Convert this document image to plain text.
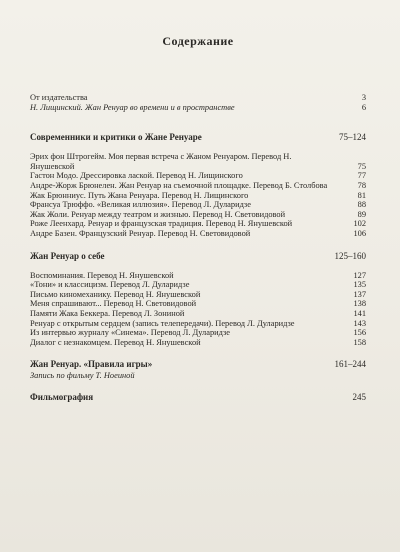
Содержание
От издательства	3
Н. Лищинский. Жан Ренуар во времени и в пространстве	6
Современники и критики о Жане Ренуаре	75–124
Эрих фон Штрогейм. Моя первая встреча с Жаном Ренуаром. Перевод Н. Янушевской	75
Гастон Модо. Дрессировка лаской. Перевод Н. Лищинского	77
Андре-Жорж Брюнелен. Жан Ренуар на съемочной площадке. Перевод Б. Столбова	78
Жак Брюнниус. Путь Жана Ренуара. Перевод Н. Лищинского	81
Франсуа Трюффо. «Великая иллюзия». Перевод Л. Дуларидзе	88
Жак Жоли. Ренуар между театром и жизнью. Перевод Н. Световидовой	89
Роже Леенхард. Ренуар и французская традиция. Перевод Н. Янушевской	102
Андре Базен. Французский Ренуар. Перевод Н. Световидовой	106
Жан Ренуар о себе	125–160
Воспоминания. Перевод Н. Янушевской	127
«Тони» и классицизм. Перевод Л. Дуларидзе	135
Письмо киномеханику. Перевод Н. Янушевской	137
Меня спрашивают... Перевод Н. Световидовой	138
Памяти Жака Беккера. Перевод Л. Зониной	141
Ренуар с открытым сердцем (запись телепередачи). Перевод Л. Дуларидзе	143
Из интервью журналу «Синема». Перевод Л. Дуларидзе	156
Диалог с незнакомцем. Перевод Н. Янушевской	158
Жан Ренуар. «Правила игры»	161–244
Запись по фильму Т. Ноеиной
Фильмография	245
